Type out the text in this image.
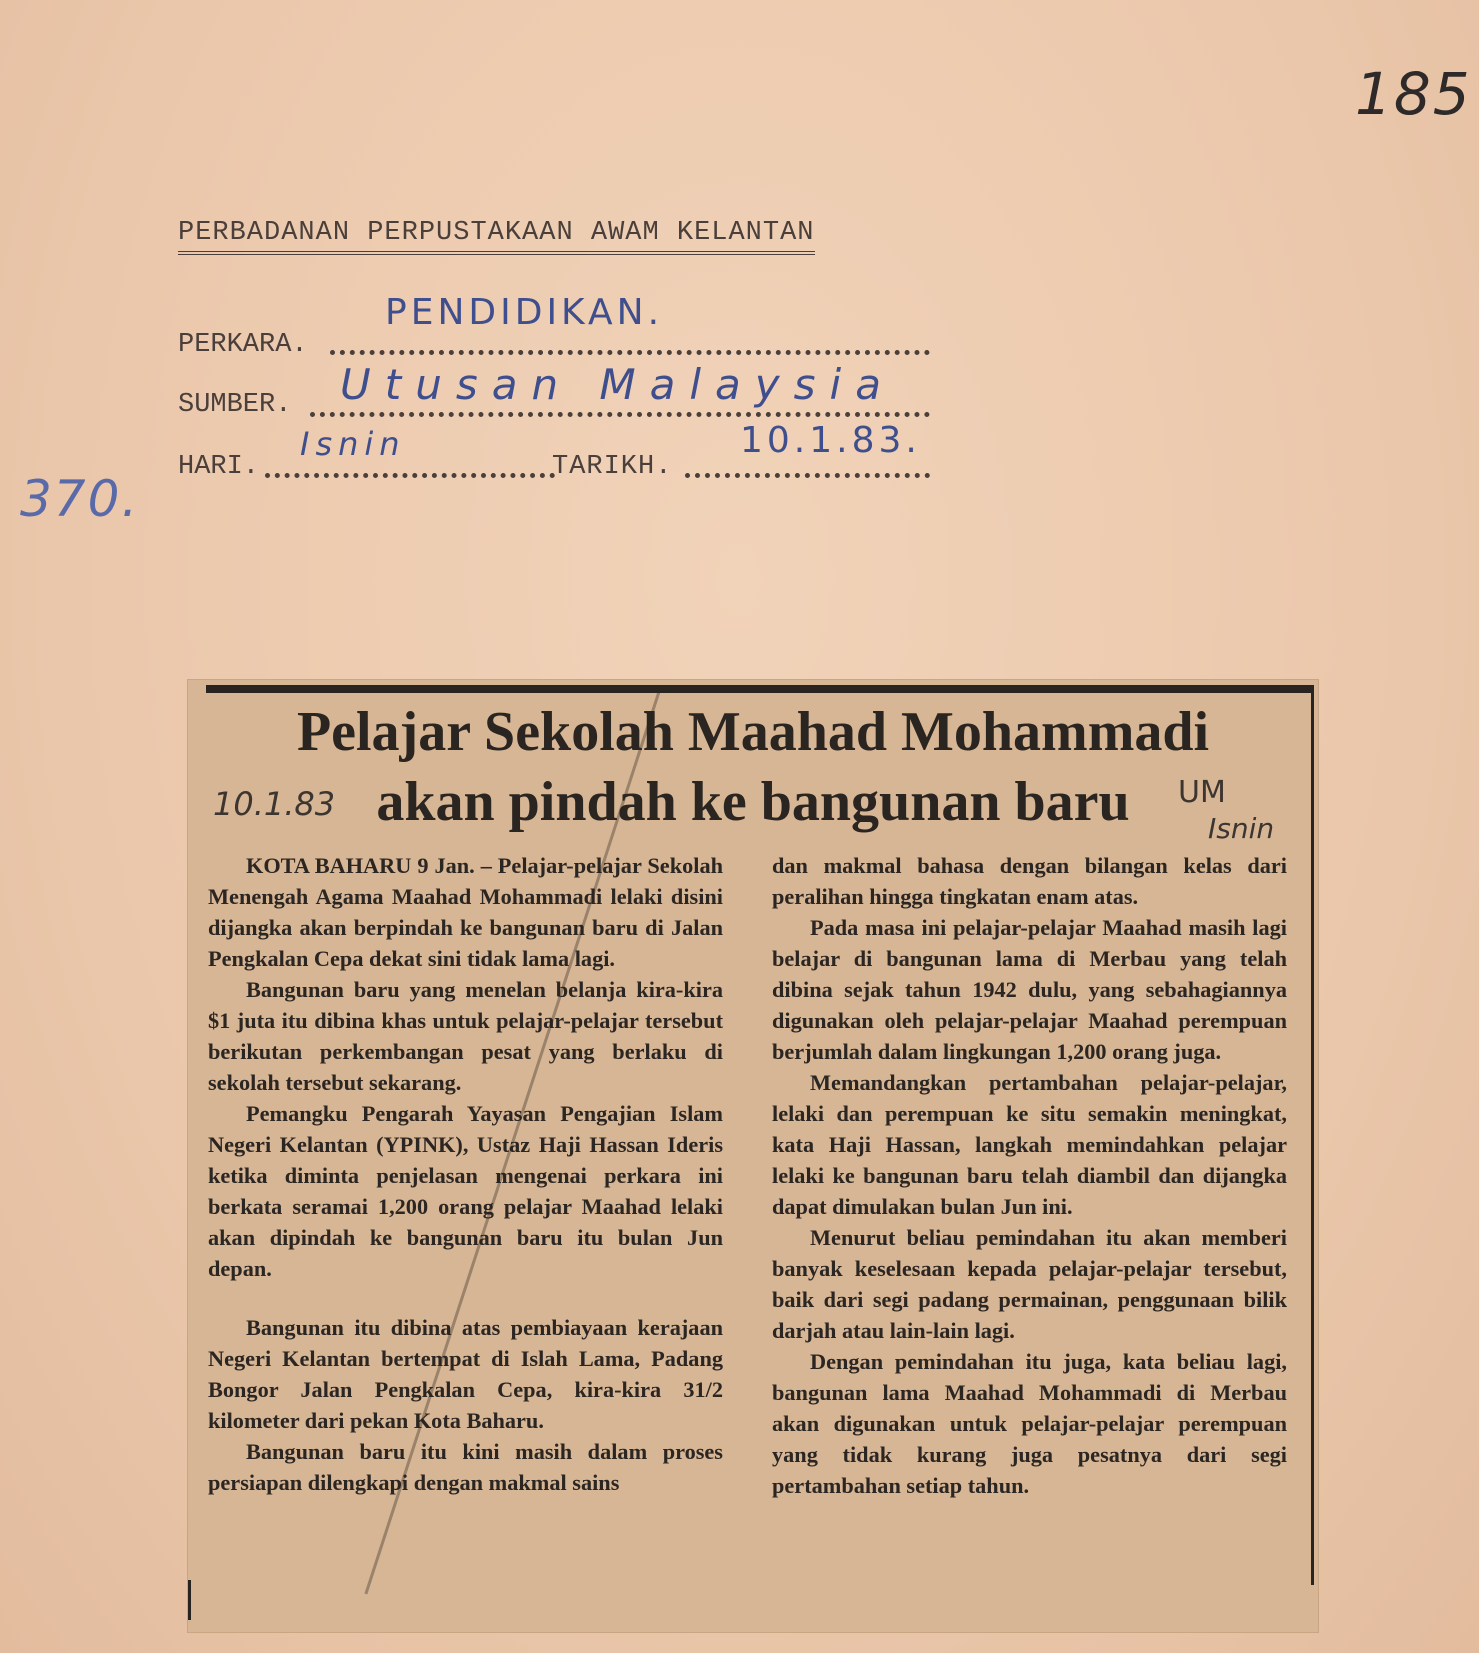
185
370.
PERBADANAN PERPUSTAKAAN AWAM KELANTAN
PERKARA.
PENDIDIKAN.
SUMBER. Utusan Malaysia
HARI.
Isnin
TARIKH.
10.1.83.
Pelajar Sekolah Maahad Mohammadi
akan pindah ke bangunan baru
10.1.83	UM
Isnin

KOTA BAHARU 9 Jan. – Pelajar-pelajar Sekolah Menengah Agama Maahad Mohammadi lelaki disini dijangka akan berpindah ke bangunan baru di Jalan Pengkalan Cepa dekat sini tidak lama lagi.

Bangunan baru yang menelan belanja kira-kira $1 juta itu dibina khas untuk pelajar-pelajar tersebut berikutan perkembangan pesat yang berlaku di sekolah tersebut sekarang.

Pemangku Pengarah Yayasan Pengajian Islam Negeri Kelantan (YPINK), Ustaz Haji Hassan Ideris ketika diminta penjelasan mengenai perkara ini berkata seramai 1,200 orang pelajar Maahad lelaki akan dipindah ke bangunan baru itu bulan Jun depan.

Bangunan itu dibina atas pembiayaan kerajaan Negeri Kelantan bertempat di Islah Lama, Padang Bongor Jalan Pengkalan Cepa, kira-kira 31/2 kilometer dari pekan Kota Baharu.

Bangunan baru itu kini masih dalam proses persiapan dilengkapi dengan makmal sains

dan makmal bahasa dengan bilangan kelas dari peralihan hingga tingkatan enam atas.

Pada masa ini pelajar-pelajar Maahad masih lagi belajar di bangunan lama di Merbau yang telah dibina sejak tahun 1942 dulu, yang sebahagiannya digunakan oleh pelajar-pelajar Maahad perempuan berjumlah dalam lingkungan 1,200 orang juga.

Memandangkan pertambahan pelajar-pelajar, lelaki dan perempuan ke situ semakin meningkat, kata Haji Hassan, langkah memindahkan pelajar lelaki ke bangunan baru telah diambil dan dijangka dapat dimulakan bulan Jun ini.

Menurut beliau pemindahan itu akan memberi banyak keselesaan kepada pelajar-pelajar tersebut, baik dari segi padang permainan, penggunaan bilik darjah atau lain-lain lagi.

Dengan pemindahan itu juga, kata beliau lagi, bangunan lama Maahad Mohammadi di Merbau akan digunakan untuk pelajar-pelajar perempuan yang tidak kurang juga pesatnya dari segi pertambahan setiap tahun.
